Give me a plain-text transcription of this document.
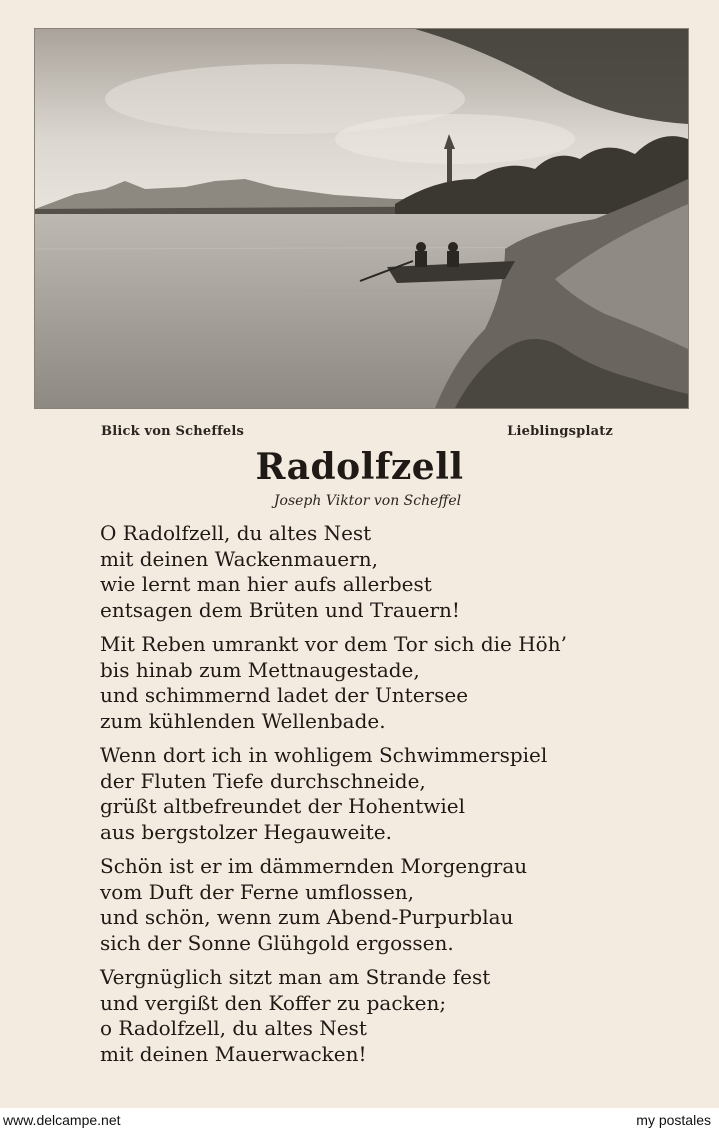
Blick von Scheffels	Lieblingsplatz
Radolfzell
Joseph Viktor von Scheffel
O Radolfzell, du altes Nest
mit deinen Wackenmauern,
wie lernt man hier aufs allerbest
entsagen dem Brüten und Trauern!
Mit Reben umrankt vor dem Tor sich die Höh’
bis hinab zum Mettnaugestade,
und schimmernd ladet der Untersee
zum kühlenden Wellenbade.
Wenn dort ich in wohligem Schwimmerspiel
der Fluten Tiefe durchschneide,
grüßt altbefreundet der Hohentwiel
aus bergstolzer Hegauweite.
Schön ist er im dämmernden Morgengrau
vom Duft der Ferne umflossen,
und schön, wenn zum Abend-Purpurblau
sich der Sonne Glühgold ergossen.
Vergnüglich sitzt man am Strande fest
und vergißt den Koffer zu packen;
o Radolfzell, du altes Nest
mit deinen Mauerwacken!
www.delcampe.net	my postales
